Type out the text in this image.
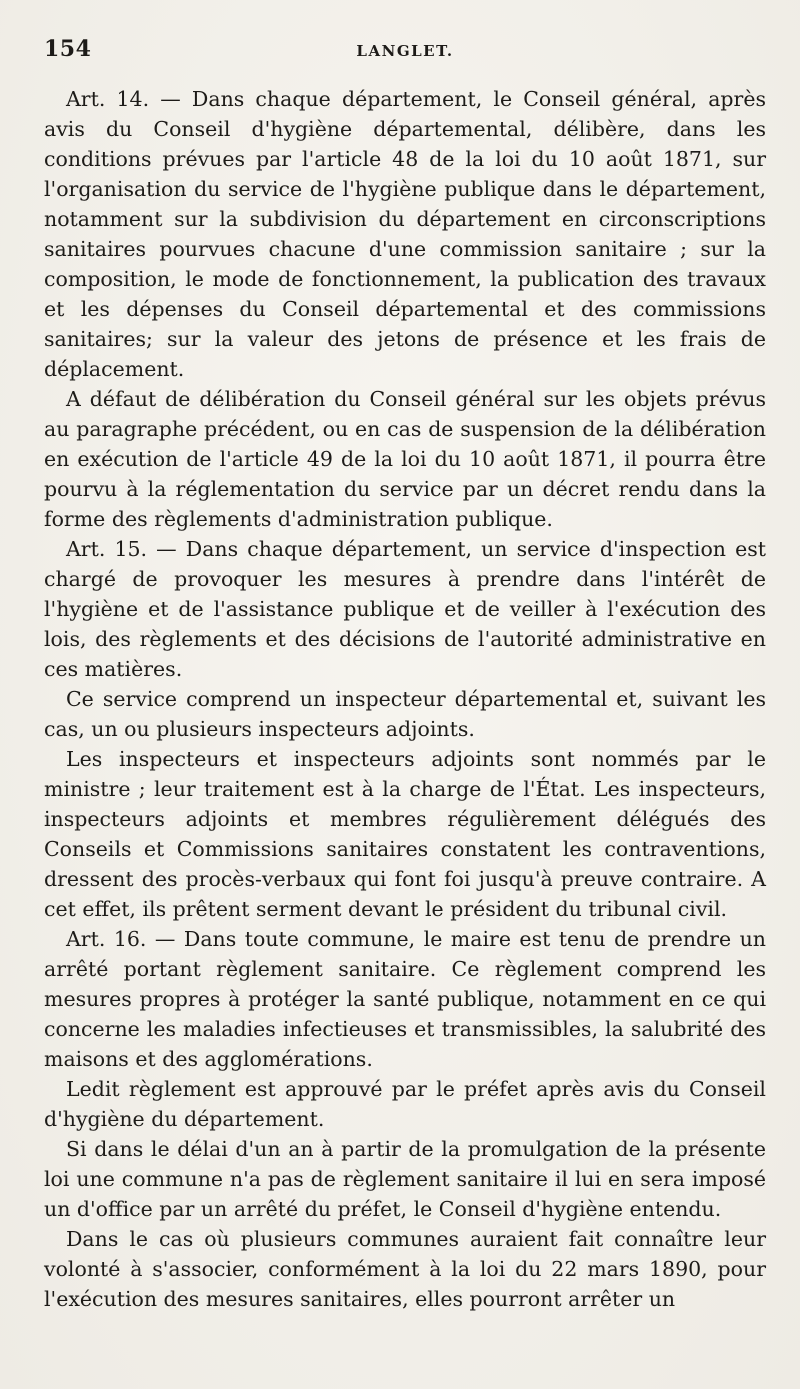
154	LANGLET.

Art. 14. — Dans chaque département, le Conseil général, après avis du Conseil d'hygiène départemental, délibère, dans les conditions prévues par l'article 48 de la loi du 10 août 1871, sur l'organisation du service de l'hygiène publique dans le département, notamment sur la subdivision du département en circonscriptions sanitaires pourvues chacune d'une commission sanitaire ; sur la composition, le mode de fonctionnement, la publication des travaux et les dépenses du Conseil départemental et des commissions sanitaires; sur la valeur des jetons de présence et les frais de déplacement.

A défaut de délibération du Conseil général sur les objets prévus au paragraphe précédent, ou en cas de suspension de la délibération en exécution de l'article 49 de la loi du 10 août 1871, il pourra être pourvu à la réglementation du service par un décret rendu dans la forme des règlements d'administration publique.

Art. 15. — Dans chaque département, un service d'inspection est chargé de provoquer les mesures à prendre dans l'intérêt de l'hygiène et de l'assistance publique et de veiller à l'exécution des lois, des règlements et des décisions de l'autorité administrative en ces matières.

Ce service comprend un inspecteur départemental et, suivant les cas, un ou plusieurs inspecteurs adjoints.

Les inspecteurs et inspecteurs adjoints sont nommés par le ministre ; leur traitement est à la charge de l'État. Les inspecteurs, inspecteurs adjoints et membres régulièrement délégués des Conseils et Commissions sanitaires constatent les contraventions, dressent des procès-verbaux qui font foi jusqu'à preuve contraire. A cet effet, ils prêtent serment devant le président du tribunal civil.

Art. 16. — Dans toute commune, le maire est tenu de prendre un arrêté portant règlement sanitaire. Ce règlement comprend les mesures propres à protéger la santé publique, notamment en ce qui concerne les maladies infectieuses et transmissibles, la salubrité des maisons et des agglomérations.

Ledit règlement est approuvé par le préfet après avis du Conseil d'hygiène du département.

Si dans le délai d'un an à partir de la promulgation de la présente loi une commune n'a pas de règlement sanitaire il lui en sera imposé un d'office par un arrêté du préfet, le Conseil d'hygiène entendu.

Dans le cas où plusieurs communes auraient fait connaître leur volonté à s'associer, conformément à la loi du 22 mars 1890, pour l'exécution des mesures sanitaires, elles pourront arrêter un
